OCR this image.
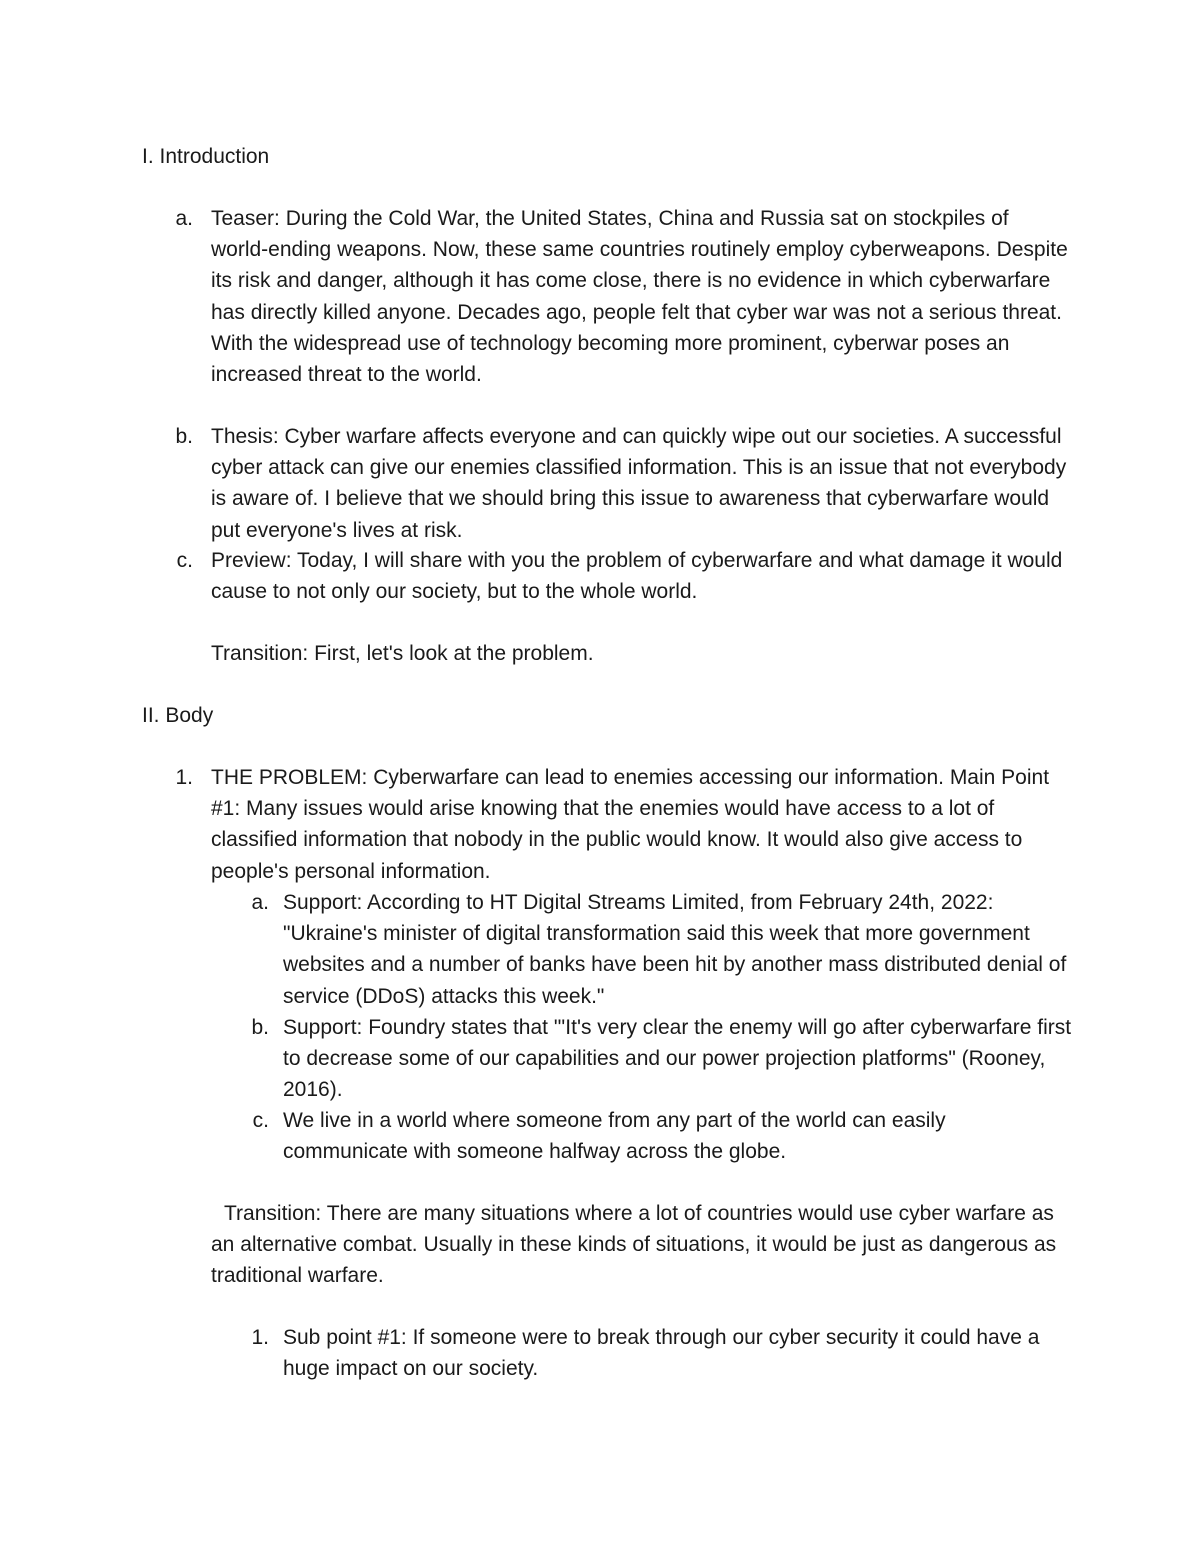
I. Introduction
a. Teaser: During the Cold War, the United States, China and Russia sat on stockpiles of world-ending weapons. Now, these same countries routinely employ cyberweapons. Despite its risk and danger, although it has come close, there is no evidence in which cyberwarfare has directly killed anyone. Decades ago, people felt that cyber war was not a serious threat. With the widespread use of technology becoming more prominent, cyberwar poses an increased threat to the world.
b. Thesis: Cyber warfare affects everyone and can quickly wipe out our societies. A successful cyber attack can give our enemies classified information. This is an issue that not everybody is aware of. I believe that we should bring this issue to awareness that cyberwarfare would put everyone's lives at risk.
c. Preview: Today, I will share with you the problem of cyberwarfare and what damage it would cause to not only our society, but to the whole world.
Transition: First, let's look at the problem.
II. Body
1. THE PROBLEM: Cyberwarfare can lead to enemies accessing our information. Main Point #1: Many issues would arise knowing that the enemies would have access to a lot of classified information that nobody in the public would know. It would also give access to people's personal information.
a. Support: According to HT Digital Streams Limited, from February 24th, 2022: "Ukraine's minister of digital transformation said this week that more government websites and a number of banks have been hit by another mass distributed denial of service (DDoS) attacks this week."
b. Support: Foundry states that "'It's very clear the enemy will go after cyberwarfare first to decrease some of our capabilities and our power projection platforms" (Rooney, 2016).
c. We live in a world where someone from any part of the world can easily communicate with someone halfway across the globe.
Transition: There are many situations where a lot of countries would use cyber warfare as an alternative combat. Usually in these kinds of situations, it would be just as dangerous as traditional warfare.
1. Sub point #1: If someone were to break through our cyber security it could have a huge impact on our society.
